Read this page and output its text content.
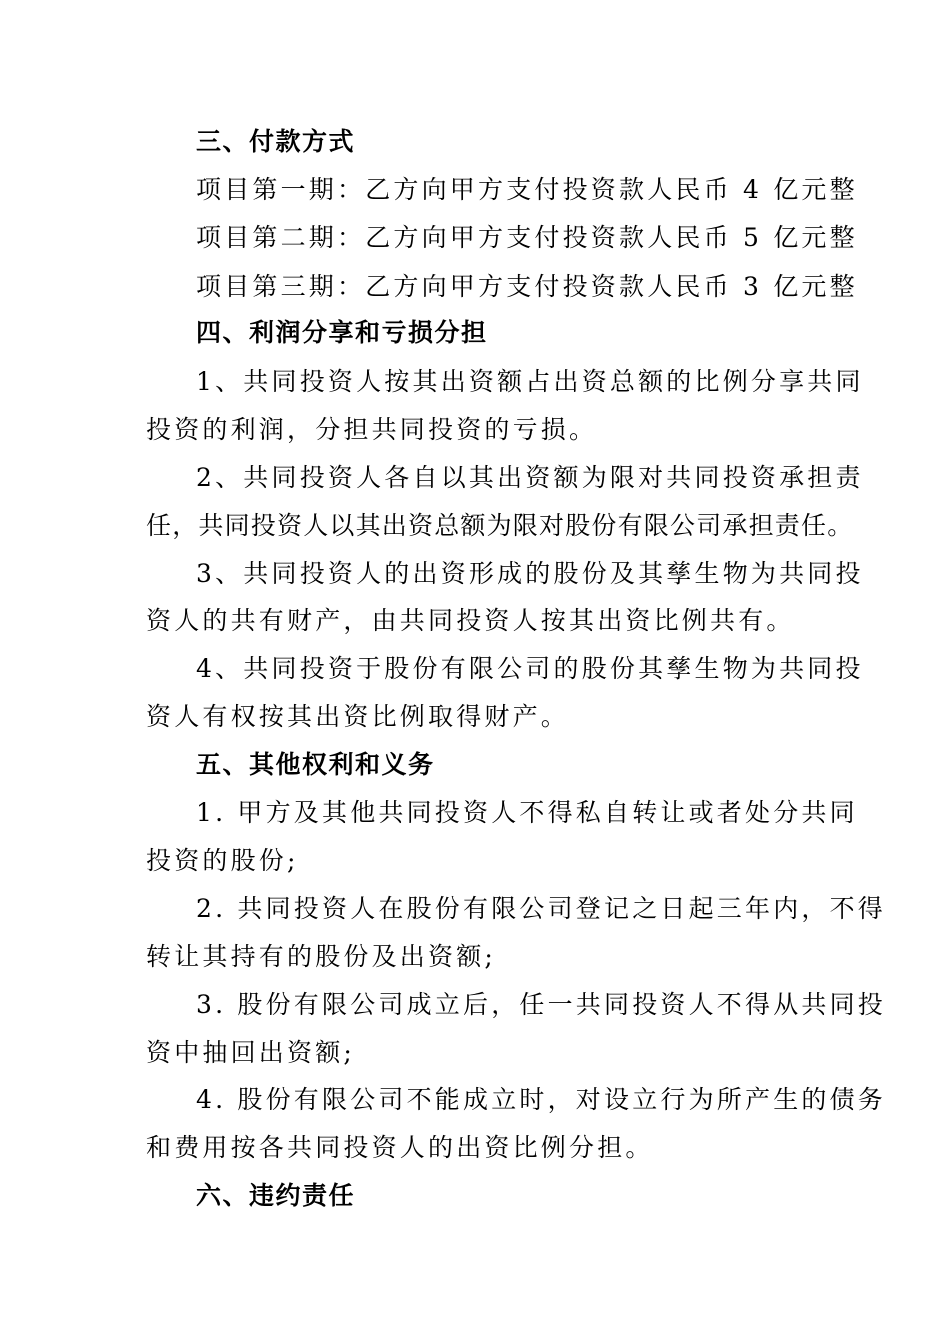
三、付款方式
项目第一期：乙方向甲方支付投资款人民币 4 亿元整
项目第二期：乙方向甲方支付投资款人民币 5 亿元整
项目第三期：乙方向甲方支付投资款人民币 3 亿元整
四、利润分享和亏损分担
1、共同投资人按其出资额占出资总额的比例分享共同
投资的利润，分担共同投资的亏损。
2、共同投资人各自以其出资额为限对共同投资承担责
任，共同投资人以其出资总额为限对股份有限公司承担责任。
3、共同投资人的出资形成的股份及其孳生物为共同投
资人的共有财产，由共同投资人按其出资比例共有。
4、共同投资于股份有限公司的股份其孳生物为共同投
资人有权按其出资比例取得财产。
五、其他权利和义务
1. 甲方及其他共同投资人不得私自转让或者处分共同
投资的股份;
2. 共同投资人在股份有限公司登记之日起三年内，不得
转让其持有的股份及出资额;
3. 股份有限公司成立后，任一共同投资人不得从共同投
资中抽回出资额;
4. 股份有限公司不能成立时，对设立行为所产生的债务
和费用按各共同投资人的出资比例分担。
六、违约责任
